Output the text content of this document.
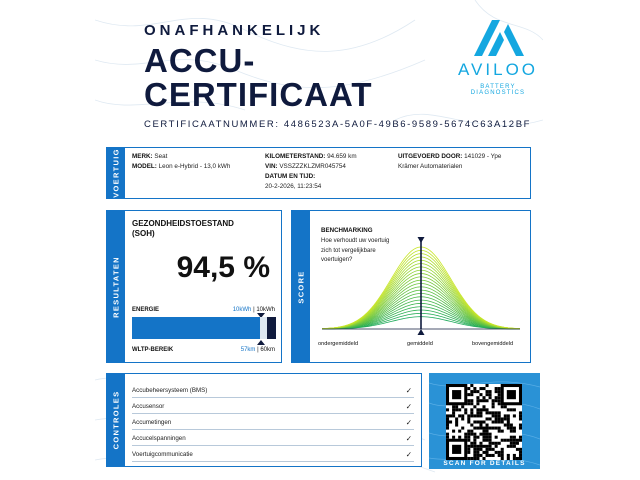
ONAFHANKELIJK
ACCU-
CERTIFICAAT
CERTIFICAATNUMMER: 4486523A-5A0F-49B6-9589-5674C63A12BF
AVILOO
BATTERY DIAGNOSTICS
VOERTUIG MERK: Seat
MODEL: Leon e-Hybrid - 13,0 kWh
KILOMETERSTAND: 94.659 km
VIN: VSSZZZKLZMR045754
DATUM EN TIJD:
20-2-2026, 11:23:54
UITGEVOERD DOOR: 141029 - Ype
Krämer Automaterialen
RESULTATEN
GEZONDHEIDSTOESTAND
(SOH)
94,5 %
ENERGIE	10kWh | 10kWh
WLTP-BEREIK	57km | 60km
SCORE
BENCHMARKING
Hoe verhoudt uw voertuig zich tot vergelijkbare voertuigen?
ondergemiddeld	gemiddeld	bovengemiddeld
CONTROLES
Accubeheersysteem (BMS)	✓
Accusensor	✓
Accumetingen	✓
Accucelspanningen	✓
Voertuigcommunicatie	✓
SCAN FOR DETAILS
